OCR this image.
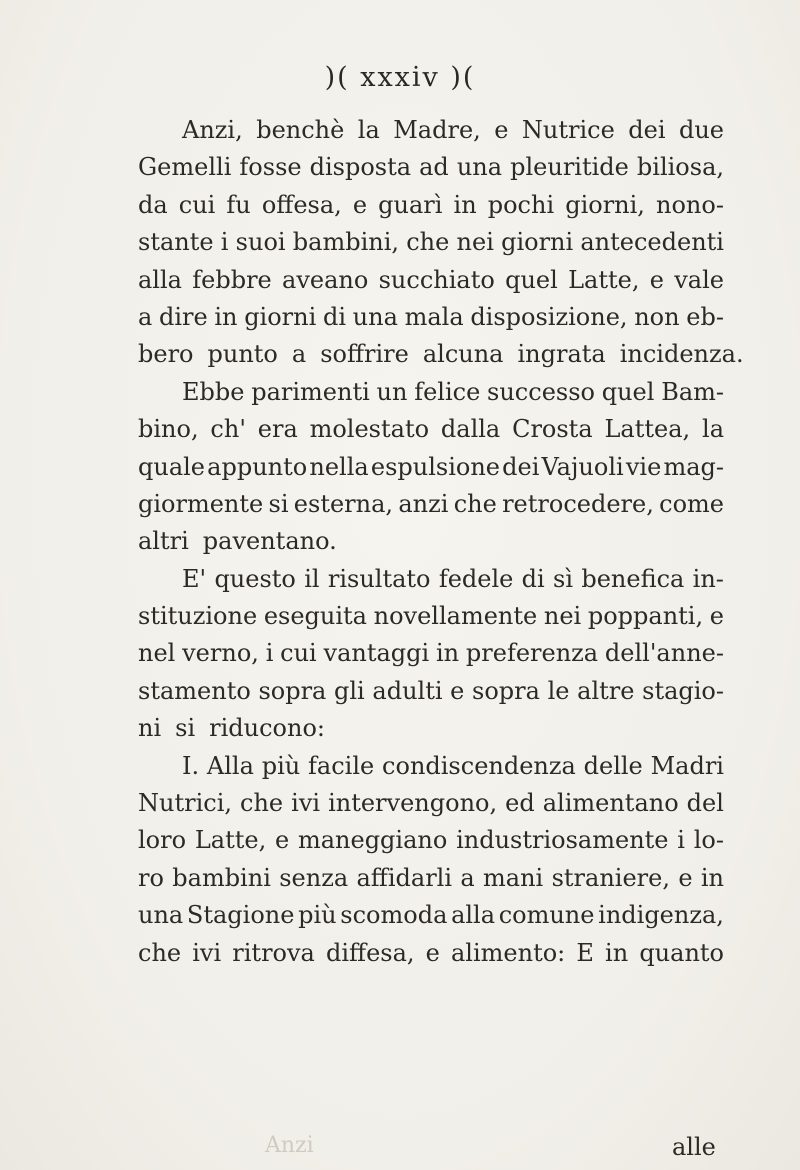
)( xxxiv )(
Anzi, benchè la Madre, e Nutrice dei due
Gemelli fosse disposta ad una pleuritide biliosa,
da cui fu offesa, e guarì in pochi giorni, nono-
stante i suoi bambini, che nei giorni antecedenti
alla febbre aveano succhiato quel Latte, e vale
a dire in giorni di una mala disposizione, non eb-
bero punto a soffrire alcuna ingrata incidenza.
Ebbe parimenti un felice successo quel Bam-
bino, ch' era molestato dalla Crosta Lattea, la
quale appunto nella espulsione dei Vajuoli vie mag-
giormente si esterna, anzi che retrocedere, come
altri paventano.
E' questo il risultato fedele di sì benefica in-
stituzione eseguita novellamente nei poppanti, e
nel verno, i cui vantaggi in preferenza dell'anne-
stamento sopra gli adulti e sopra le altre stagio-
ni si riducono:
I. Alla più facile condiscendenza delle Madri
Nutrici, che ivi intervengono, ed alimentano del
loro Latte, e maneggiano industriosamente i lo-
ro bambini senza affidarli a mani straniere, e in
una Stagione più scomoda alla comune indigenza,
che ivi ritrova diffesa, e alimento: E in quanto
Anzi	alle
